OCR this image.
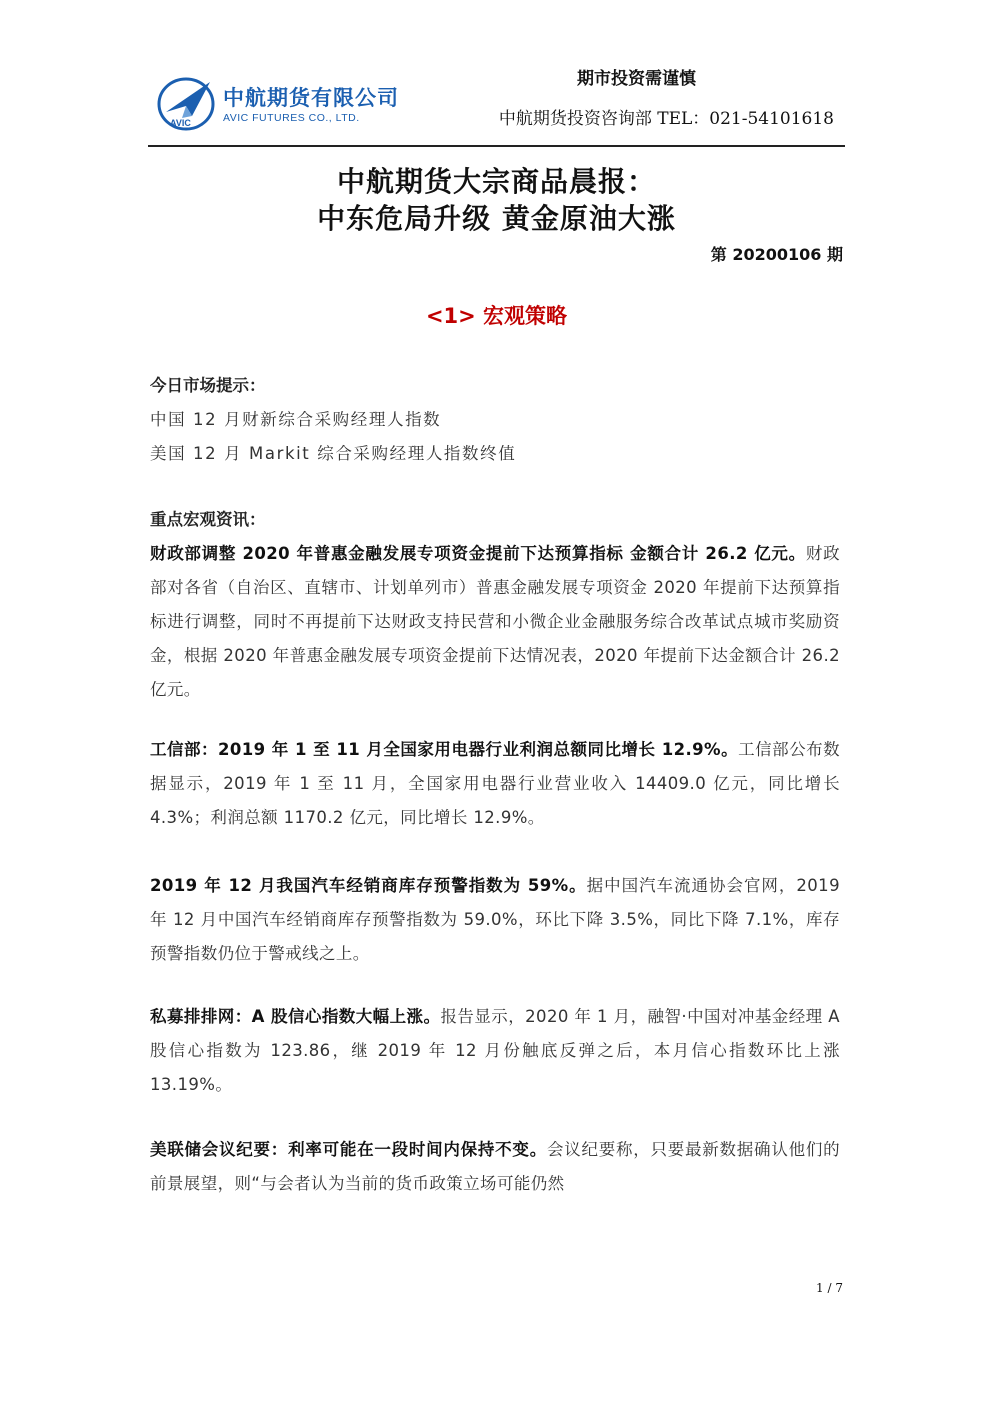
AVIC
中航期货有限公司
AVIC FUTURES CO., LTD.
期市投资需谨慎
中航期货投资咨询部 TEL：021-54101618
中航期货大宗商品晨报：
中东危局升级 黄金原油大涨
第 20200106 期
<1> 宏观策略
今日市场提示：
中国 12 月财新综合采购经理人指数
美国 12 月 Markit 综合采购经理人指数终值
重点宏观资讯：
财政部调整 2020 年普惠金融发展专项资金提前下达预算指标 金额合计 26.2 亿元。财政部对各省（自治区、直辖市、计划单列市）普惠金融发展专项资金 2020 年提前下达预算指标进行调整，同时不再提前下达财政支持民营和小微企业金融服务综合改革试点城市奖励资金，根据 2020 年普惠金融发展专项资金提前下达情况表，2020 年提前下达金额合计 26.2 亿元。
工信部：2019 年 1 至 11 月全国家用电器行业利润总额同比增长 12.9%。工信部公布数据显示，2019 年 1 至 11 月，全国家用电器行业营业收入 14409.0 亿元，同比增长 4.3%；利润总额 1170.2 亿元，同比增长 12.9%。
2019 年 12 月我国汽车经销商库存预警指数为 59%。据中国汽车流通协会官网，2019 年 12 月中国汽车经销商库存预警指数为 59.0%，环比下降 3.5%，同比下降 7.1%，库存预警指数仍位于警戒线之上。
私募排排网：A 股信心指数大幅上涨。报告显示，2020 年 1 月，融智·中国对冲基金经理 A 股信心指数为 123.86，继 2019 年 12 月份触底反弹之后，本月信心指数环比上涨 13.19%。
美联储会议纪要：利率可能在一段时间内保持不变。会议纪要称，只要最新数据确认他们的前景展望，则“与会者认为当前的货币政策立场可能仍然
1 / 7
